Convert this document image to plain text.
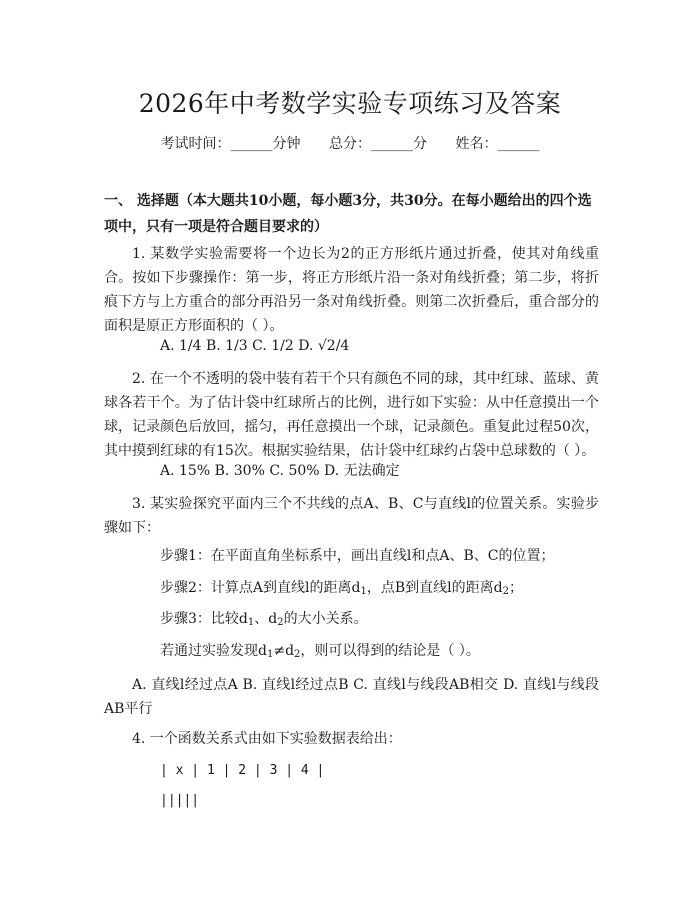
2026年中考数学实验专项练习及答案
考试时间：______分钟 总分：______分 姓名：______
一、 选择题（本大题共10小题，每小题3分，共30分。在每小题给出的四个选项中，只有一项是符合题目要求的）
1. 某数学实验需要将一个边长为2的正方形纸片通过折叠，使其对角线重合。按如下步骤操作：第一步，将正方形纸片沿一条对角线折叠；第二步，将折痕下方与上方重合的部分再沿另一条对角线折叠。则第二次折叠后，重合部分的面积是原正方形面积的（ ）。
A. 1/4 B. 1/3 C. 1/2 D. √2/4
2. 在一个不透明的袋中装有若干个只有颜色不同的球，其中红球、蓝球、黄球各若干个。为了估计袋中红球所占的比例，进行如下实验：从中任意摸出一个球，记录颜色后放回，摇匀，再任意摸出一个球，记录颜色。重复此过程50次，其中摸到红球的有15次。根据实验结果，估计袋中红球约占袋中总球数的（ ）。
A. 15% B. 30% C. 50% D. 无法确定
3. 某实验探究平面内三个不共线的点A、B、C与直线l的位置关系。实验步骤如下：
步骤1：在平面直角坐标系中，画出直线l和点A、B、C的位置；
步骤2：计算点A到直线l的距离$d_1$，点B到直线l的距离$d_2$；
步骤3：比较$d_1$、$d_2$的大小关系。
若通过实验发现$d_1\ne d_2$，则可以得到的结论是（ ）。
A. 直线l经过点A B. 直线l经过点B C. 直线l与线段AB相交 D. 直线l与线段AB平行
4. 一个函数关系式由如下实验数据表给出：
| x | 1 | 2 | 3 | 4 |
|||||
